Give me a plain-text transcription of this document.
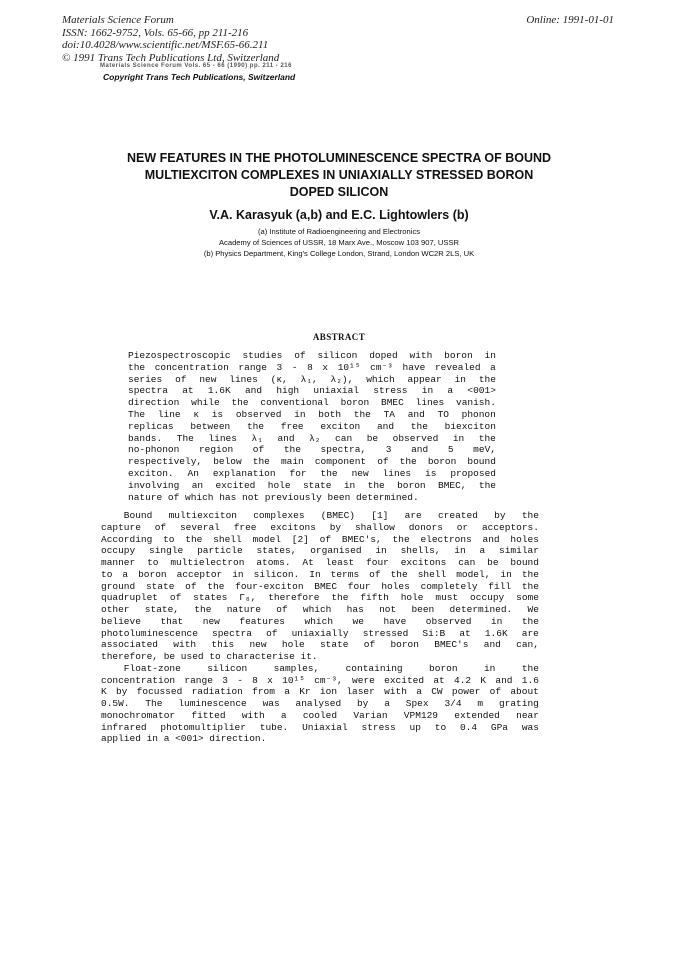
Materials Science Forum
ISSN: 1662-9752, Vols. 65-66, pp 211-216
doi:10.4028/www.scientific.net/MSF.65-66.211
© 1991 Trans Tech Publications Ltd, Switzerland
Online: 1991-01-01
Materials Science Forum Vols. 65 - 66 (1990) pp. 211 - 216
Copyright Trans Tech Publications, Switzerland
NEW FEATURES IN THE PHOTOLUMINESCENCE SPECTRA OF BOUND
MULTIEXCITON COMPLEXES IN UNIAXIALLY STRESSED BORON
DOPED SILICON
V.A. Karasyuk (a,b) and E.C. Lightowlers (b)
(a) Institute of Radioengineering and Electronics
Academy of Sciences of USSR, 18 Marx Ave., Moscow 103 907, USSR
(b) Physics Department, King's College London, Strand, London WC2R 2LS, UK
ABSTRACT
Piezospectroscopic studies of silicon doped with boron in
the concentration range 3 - 8 x 10¹⁵ cm⁻³ have revealed a
series of new lines (κ, λ₁, λ₂), which appear in the
spectra at 1.6K and high uniaxial stress in a <001>
direction while the conventional boron BMEC lines vanish.
The line κ is observed in both the TA and TO phonon
replicas between the free exciton and the biexciton
bands. The lines λ₁ and λ₂ can be observed in the
no-phonon region of the spectra, 3 and 5 meV,
respectively, below the main component of the boron bound
exciton. An explanation for the new lines is proposed
involving an excited hole state in the boron BMEC, the
nature of which has not previously been determined.
Bound multiexciton complexes (BMEC) [1] are created by the
capture of several free excitons by shallow donors or acceptors.
According to the shell model [2] of BMEC's, the electrons and holes
occupy single particle states, organised in shells, in a similar
manner to multielectron atoms. At least four excitons can be bound
to a boron acceptor in silicon. In terms of the shell model, in the
ground state of the four-exciton BMEC four holes completely fill the
quadruplet of states Γ₈, therefore the fifth hole must occupy some
other state, the nature of which has not been determined. We
believe that new features which we have observed in the
photoluminescence spectra of uniaxially stressed Si:B at 1.6K are
associated with this new hole state of boron BMEC's and can,
therefore, be used to characterise it.
Float-zone	silicon	samples,	containing	boron	in	the
concentration range 3 - 8 x 10¹⁵ cm⁻³, were excited at 4.2 K and 1.6
K by focussed radiation from a Kr ion laser with a CW power of about
0.5W. The luminescence was analysed by a Spex 3/4 m grating
monochromator fitted with a cooled Varian VPM129 extended near
infrared photomultiplier tube. Uniaxial stress up to 0.4 GPa was
applied in a <001> direction.
